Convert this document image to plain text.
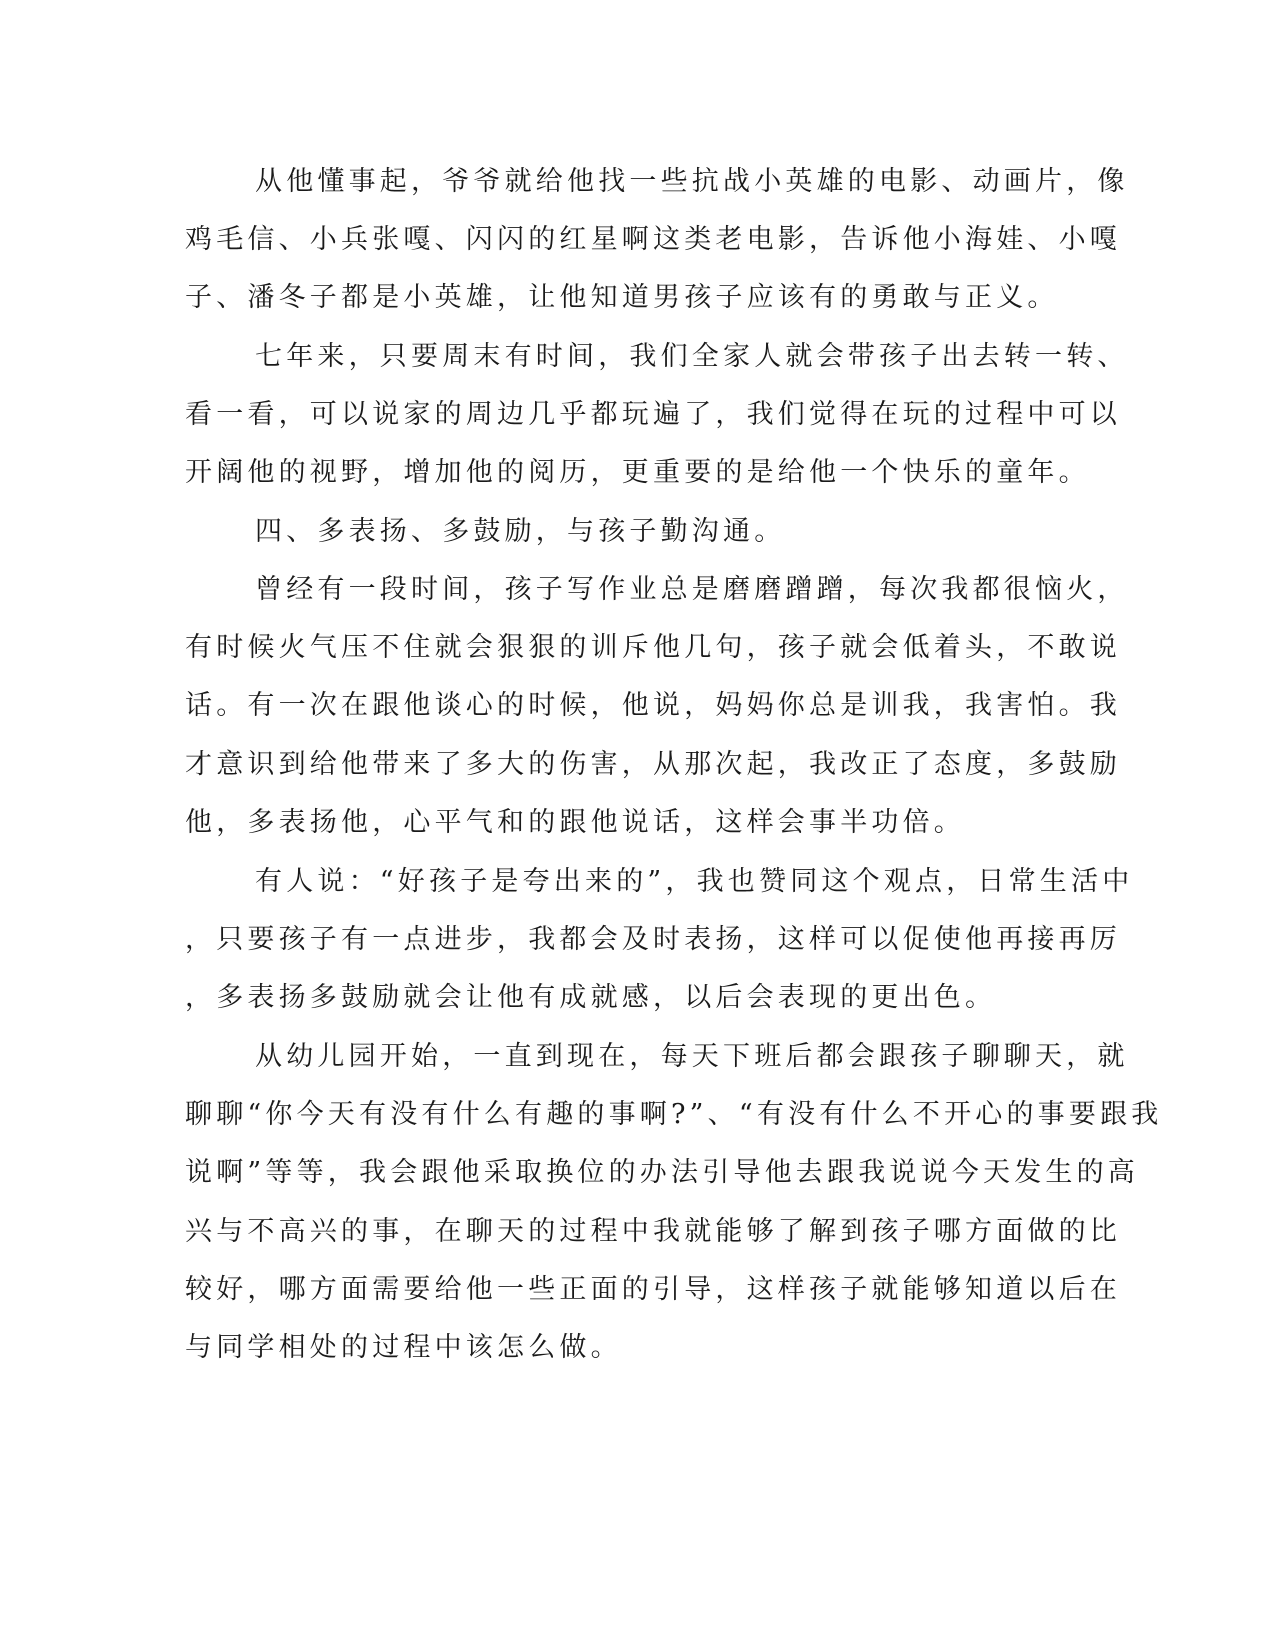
从他懂事起，爷爷就给他找一些抗战小英雄的电影、动画片，像
鸡毛信、小兵张嘎、闪闪的红星啊这类老电影，告诉他小海娃、小嘎
子、潘冬子都是小英雄，让他知道男孩子应该有的勇敢与正义。
七年来，只要周末有时间，我们全家人就会带孩子出去转一转、
看一看，可以说家的周边几乎都玩遍了，我们觉得在玩的过程中可以
开阔他的视野，增加他的阅历，更重要的是给他一个快乐的童年。
四、多表扬、多鼓励，与孩子勤沟通。
曾经有一段时间，孩子写作业总是磨磨蹭蹭，每次我都很恼火，
有时候火气压不住就会狠狠的训斥他几句，孩子就会低着头，不敢说
话。有一次在跟他谈心的时候，他说，妈妈你总是训我，我害怕。我
才意识到给他带来了多大的伤害，从那次起，我改正了态度，多鼓励
他，多表扬他，心平气和的跟他说话，这样会事半功倍。
有人说：“好孩子是夸出来的”，我也赞同这个观点，日常生活中
，只要孩子有一点进步，我都会及时表扬，这样可以促使他再接再厉
，多表扬多鼓励就会让他有成就感，以后会表现的更出色。
从幼儿园开始，一直到现在，每天下班后都会跟孩子聊聊天，就
聊聊“你今天有没有什么有趣的事啊?”、“有没有什么不开心的事要跟我
说啊”等等，我会跟他采取换位的办法引导他去跟我说说今天发生的高
兴与不高兴的事，在聊天的过程中我就能够了解到孩子哪方面做的比
较好，哪方面需要给他一些正面的引导，这样孩子就能够知道以后在
与同学相处的过程中该怎么做。
